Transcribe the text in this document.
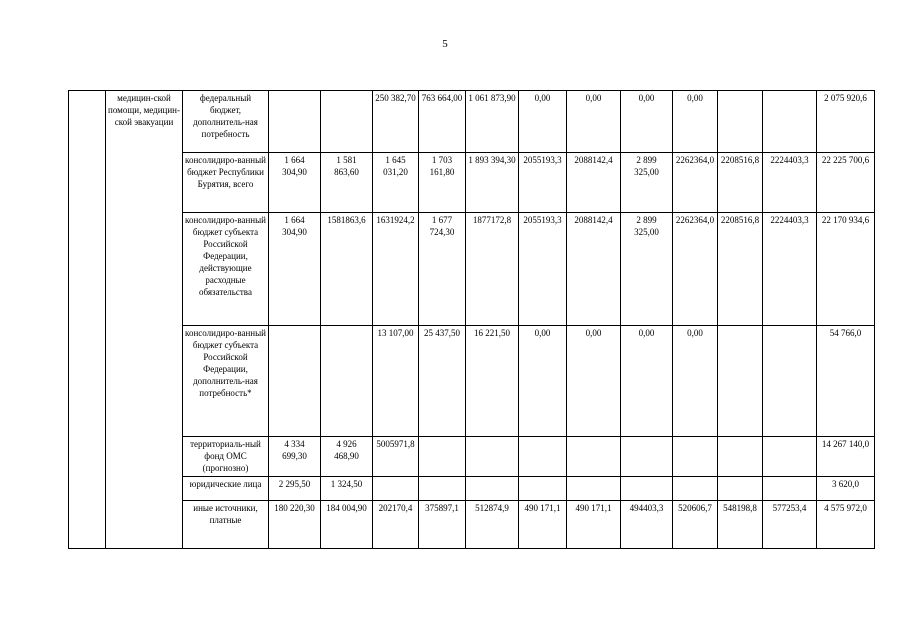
5
	медицин-ской помощи, медицин-ской эвакуации	федеральный бюджет, дополнитель-ная потребность			250 382,70	763 664,00	1 061 873,90	0,00	0,00	0,00	0,00			2 075 920,6
		консолидиро-ванный бюджет Республики Бурятия, всего	1 664 304,90	1 581 863,60	1 645 031,20	1 703 161,80	1 893 394,30	2055193,3	2088142,4	2 899 325,00	2262364,0	2208516,8	2224403,3	22 225 700,6
		консолидиро-ванный бюджет субъекта Российской Федерации, действующие расходные обязательства	1 664 304,90	1581863,6	1631924,2	1 677 724,30	1877172,8	2055193,3	2088142,4	2 899 325,00	2262364,0	2208516,8	2224403,3	22 170 934,6
		консолидиро-ванный бюджет субъекта Российской Федерации, дополнитель-ная потребность*			13 107,00	25 437,50	16 221,50	0,00	0,00	0,00	0,00			54 766,0
		территориаль-ный фонд ОМС (прогнозно)	4 334 699,30	4 926 468,90	5005971,8									14 267 140,0
		юридические лица	2 295,50	1 324,50										3 620,0
		иные источники, платные	180 220,30	184 004,90	202170,4	375897,1	512874,9	490 171,1	490 171,1	494403,3	520606,7	548198,8	577253,4	4 575 972,0
